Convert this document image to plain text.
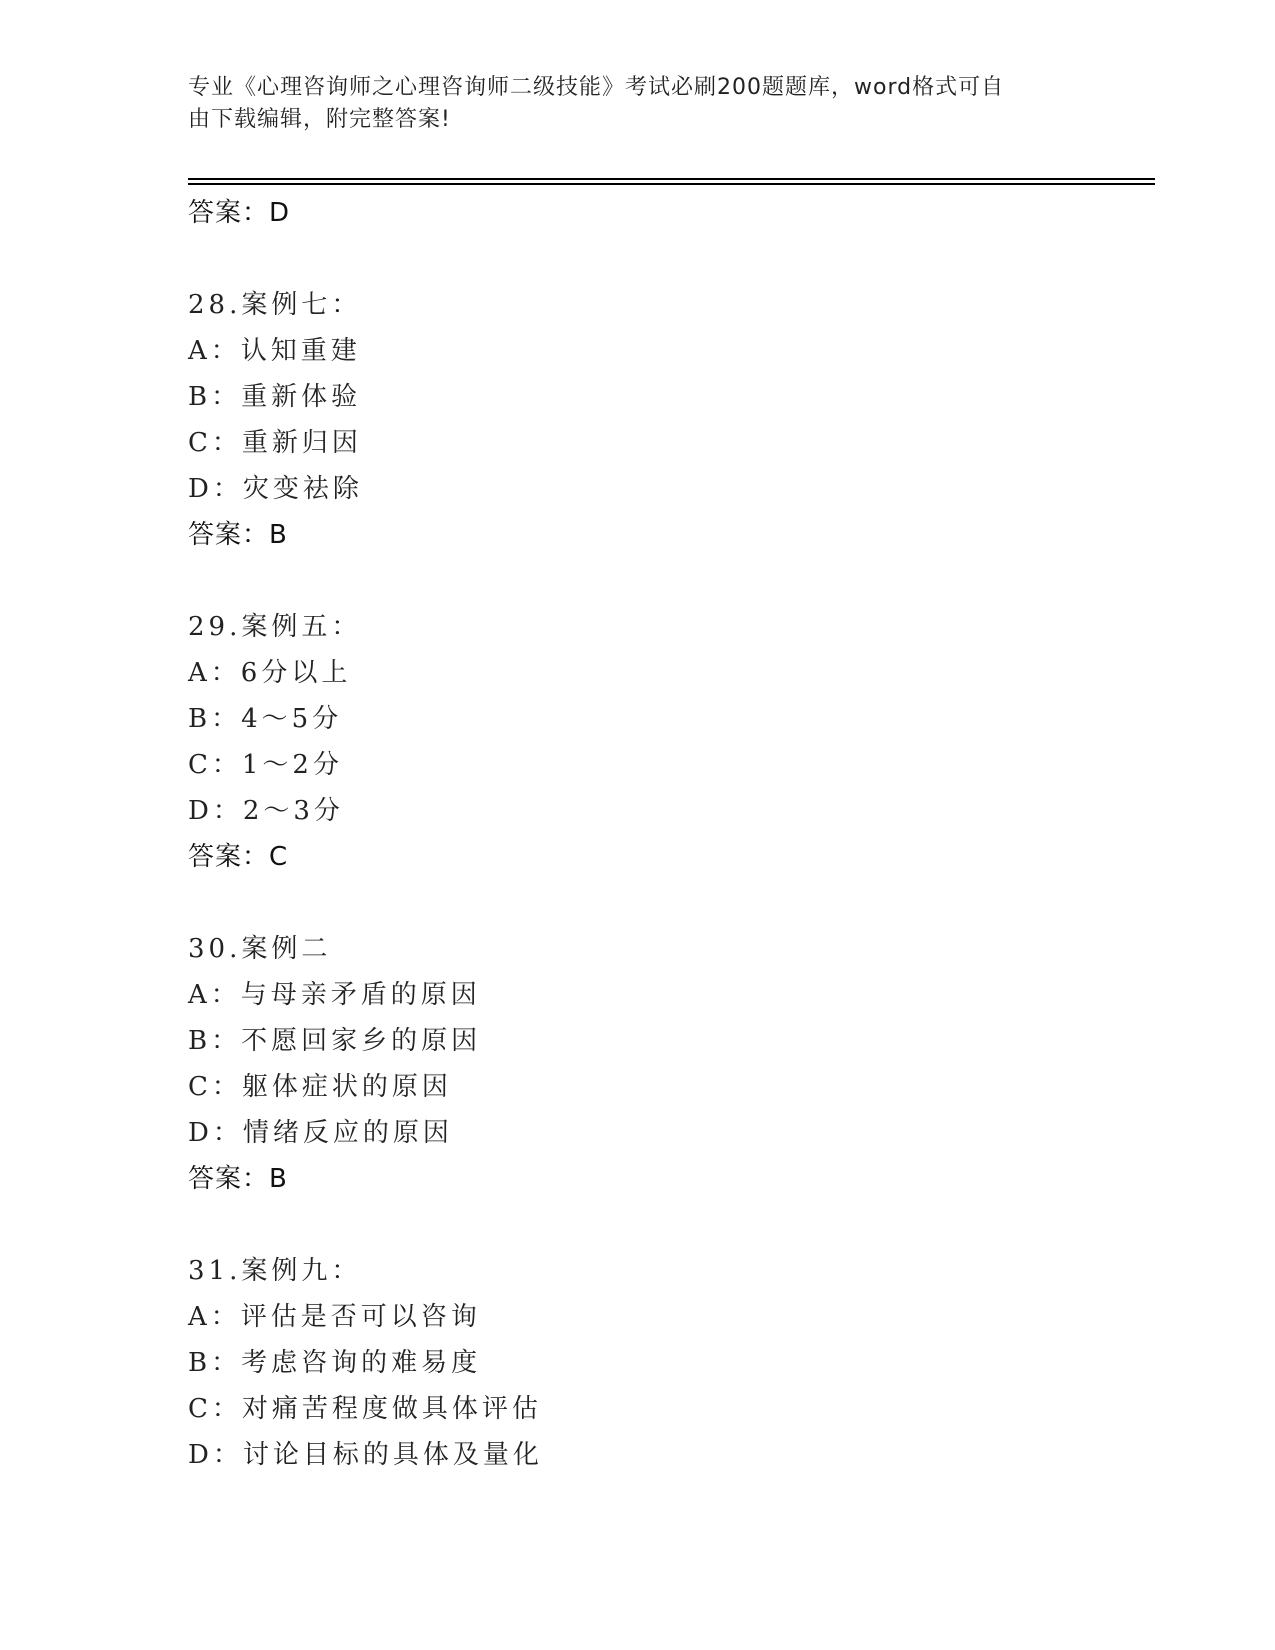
专业《心理咨询师之心理咨询师二级技能》考试必刷200题题库，word格式可自
由下载编辑，附完整答案!
答案：D
28.案例七：
A：认知重建
B：重新体验
C：重新归因
D：灾变祛除
答案：B
29.案例五：
A：6分以上
B：4～5分
C：1～2分
D：2～3分
答案：C
30.案例二
A：与母亲矛盾的原因
B：不愿回家乡的原因
C：躯体症状的原因
D：情绪反应的原因
答案：B
31.案例九：
A：评估是否可以咨询
B：考虑咨询的难易度
C：对痛苦程度做具体评估
D：讨论目标的具体及量化
